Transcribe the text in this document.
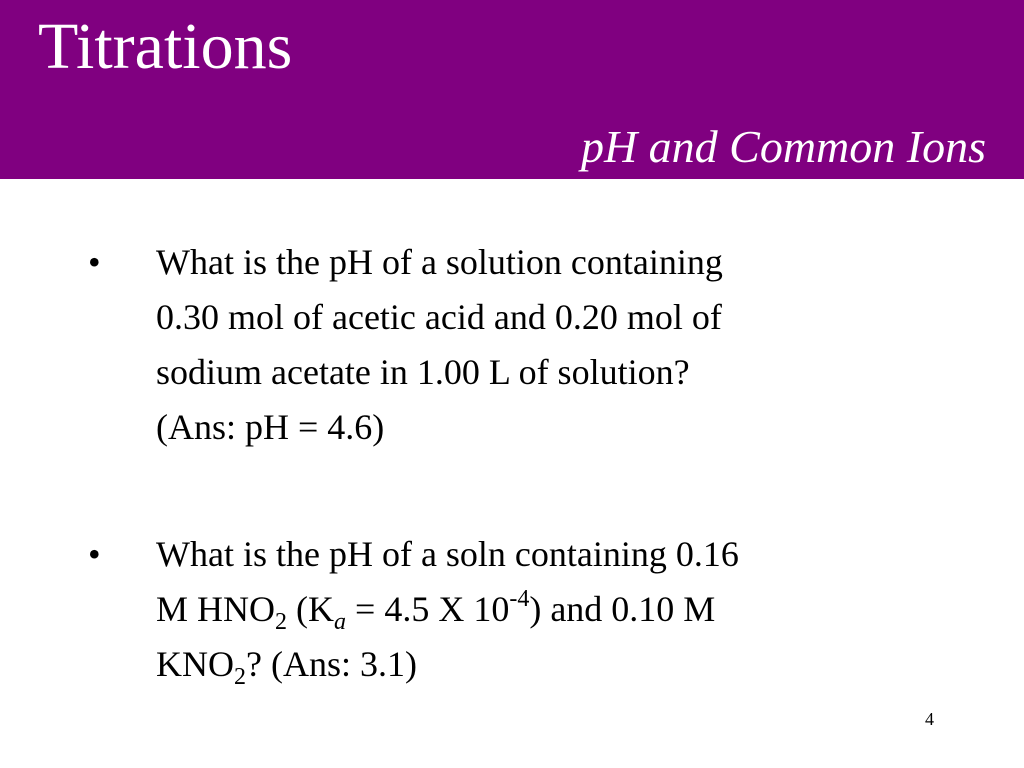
Titrations
pH and Common Ions
• What is the pH of a solution containing
0.30 mol of acetic acid and 0.20 mol of
sodium acetate in 1.00 L of solution?
(Ans: pH = 4.6)
• What is the pH of a soln containing 0.16
M $HNO_2$ ($K_a = 4.5$ X $10^{-4}$) and 0.10 M
$KNO_2$? (Ans: 3.1)
4
